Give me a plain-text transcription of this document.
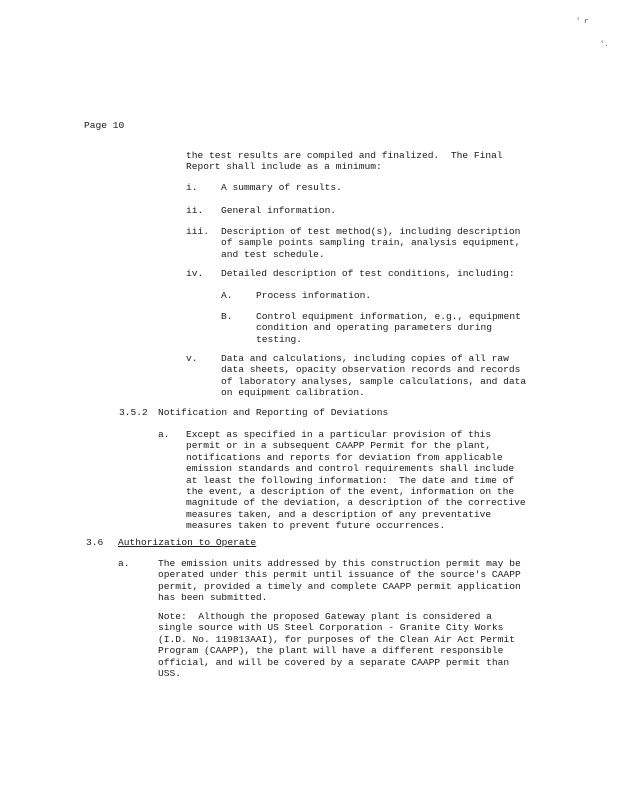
' r
'.
Page 10
the test results are compiled and finalized.  The Final
Report shall include as a minimum:
i. A summary of results.
ii. General information.
iii. Description of test method(s), including description
of sample points sampling train, analysis equipment,
and test schedule.
iv. Detailed description of test conditions, including:
A. Process information.
B. Control equipment information, e.g., equipment
condition and operating parameters during
testing.
v. Data and calculations, including copies of all raw
data sheets, opacity observation records and records
of laboratory analyses, sample calculations, and data
on equipment calibration.
3.5.2 Notification and Reporting of Deviations
a. Except as specified in a particular provision of this
permit or in a subsequent CAAPP Permit for the plant,
notifications and reports for deviation from applicable
emission standards and control requirements shall include
at least the following information:  The date and time of
the event, a description of the event, information on the
magnitude of the deviation, a description of the corrective
measures taken, and a description of any preventative
measures taken to prevent future occurrences.
3.6 Authorization to Operate
a.	The emission units addressed by this construction permit may be
operated under this permit until issuance of the source's CAAPP
permit, provided a timely and complete CAAPP permit application
has been submitted.
Note:  Although the proposed Gateway plant is considered a
single source with US Steel Corporation - Granite City Works
(I.D. No. 119813AAI), for purposes of the Clean Air Act Permit
Program (CAAPP), the plant will have a different responsible
official, and will be covered by a separate CAAPP permit than
USS.
